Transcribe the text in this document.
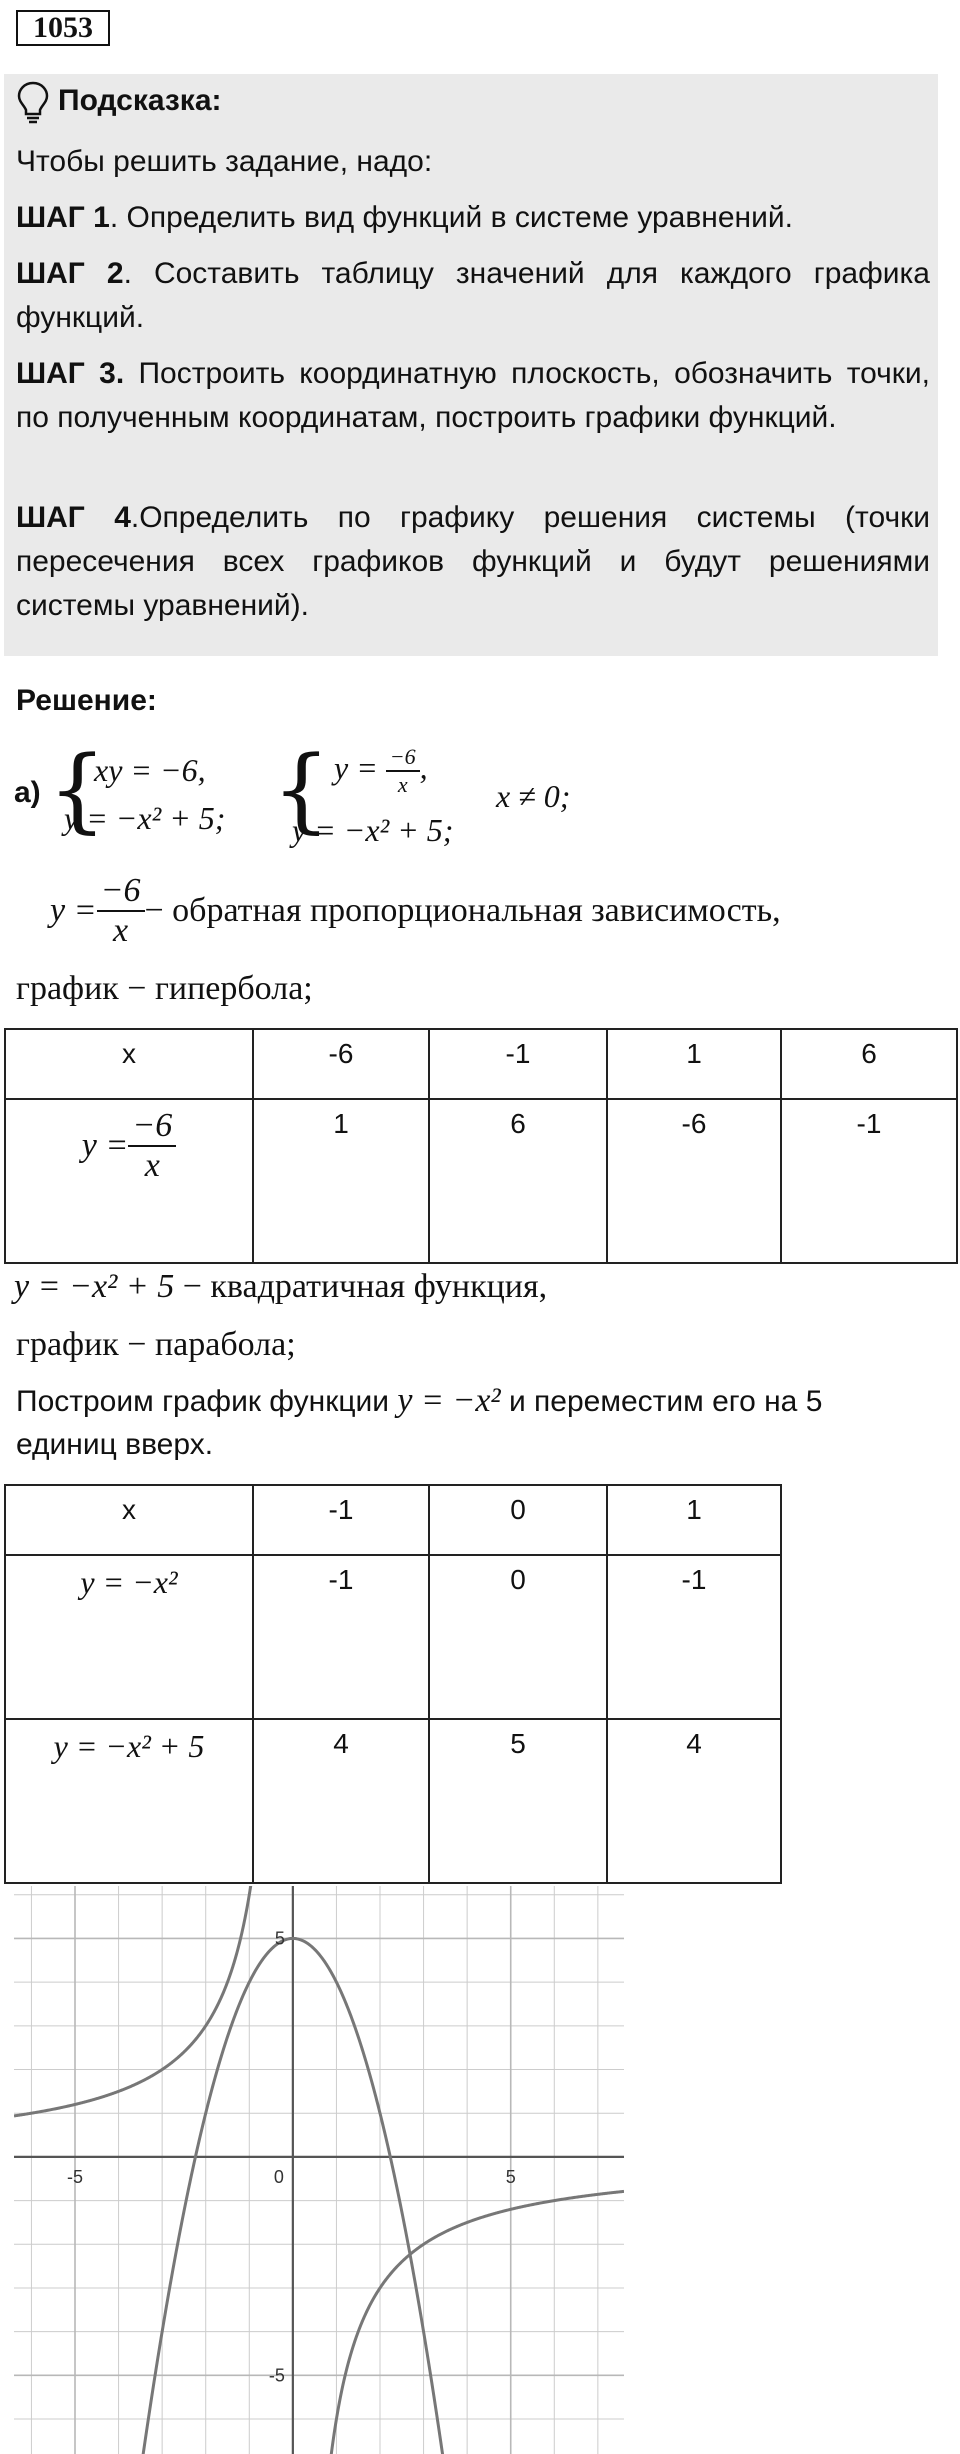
1053
Подсказка:
Чтобы решить задание, надо:
ШАГ 1. Определить вид функций в системе уравнений.
ШАГ 2. Составить таблицу значений для каждого графика функций.
ШАГ 3. Построить координатную плоскость, обозначить точки, по полученным координатам, построить графики функций.
ШАГ 4.Определить по графику решения системы (точки пересечения всех графиков функций и будут решениями системы уравнений).
Решение:
а) {
xy = −6,
y = −x² + 5; { $y = \frac{-6}{x}$ ,
y = −x² + 5;
x ≠ 0;
$y = \frac{-6}{x}$ − обратная пропорциональная зависимость,
график − гипербола;
x	-6	-1	1	6

$y = \frac{-6}{x}$	1	6	-6	-1
y = −x² + 5 − квадратичная функция,
график − парабола;
Построим график функции y = −x² и переместим его на 5
единиц вверх.
x	-1	0	1
y = −x²	-1	0	-1
y = −x² + 5	4	5	4
-5	0	5
5
-5
